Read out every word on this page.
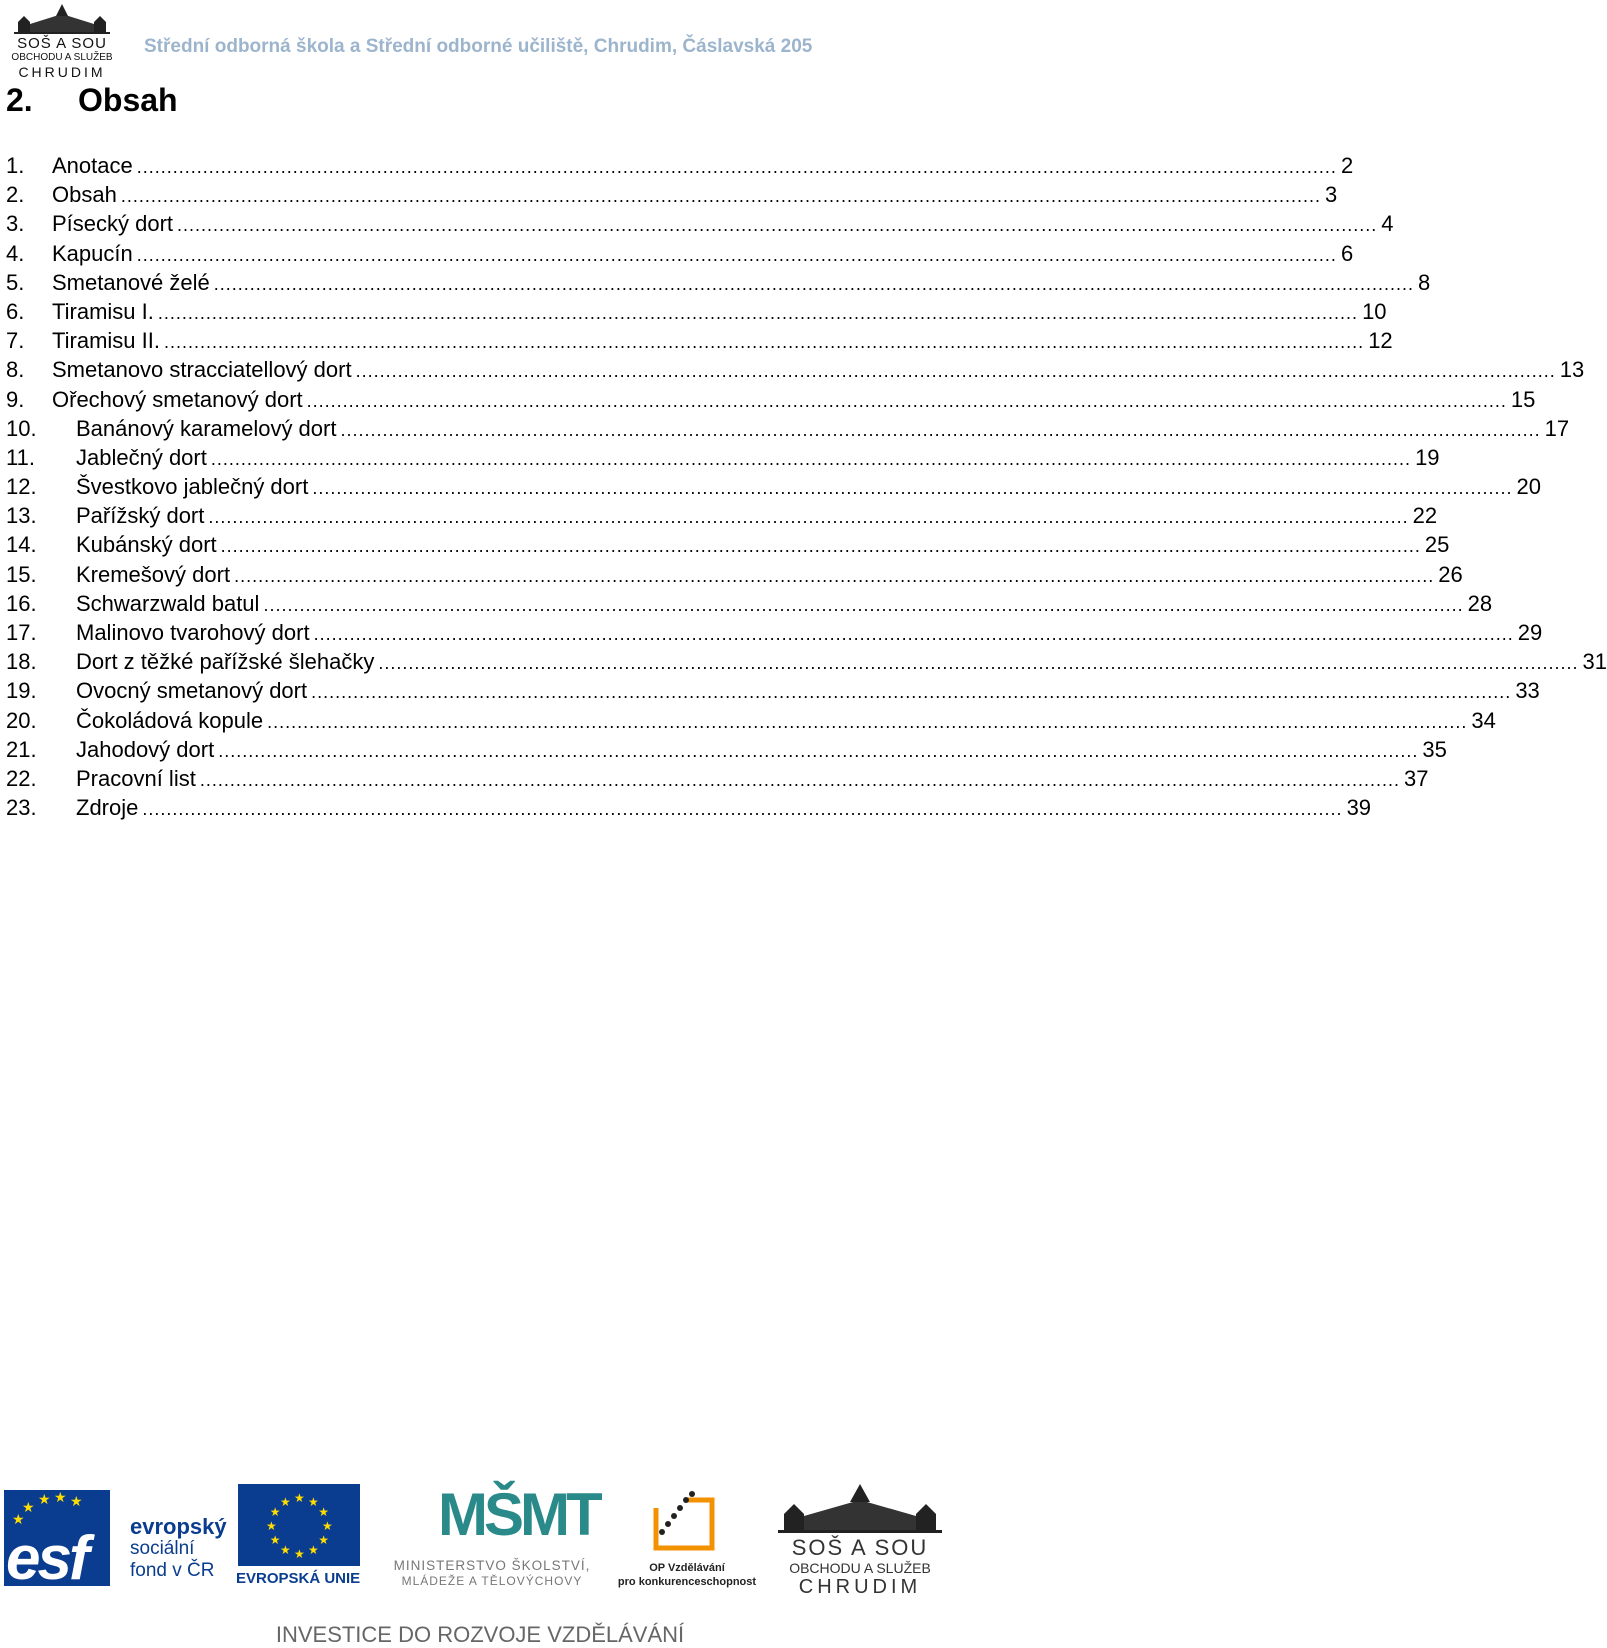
SOŠ A SOU
OBCHODU A SLUŽEB
CHRUDIM
Střední odborná škola a Střední odborné učiliště, Chrudim, Čáslavská 205
2. Obsah
1. Anotace ........................................................................................................................................................................................................ 2
2. Obsah ........................................................................................................................................................................................................ 3
3. Písecký dort ........................................................................................................................................................................................................ 4
4. Kapucín ........................................................................................................................................................................................................ 6
5. Smetanové želé ........................................................................................................................................................................................................ 8
6. Tiramisu I. ........................................................................................................................................................................................................ 10
7. Tiramisu II. ........................................................................................................................................................................................................ 12
8. Smetanovo stracciatellový dort ........................................................................................................................................................................................................ 13
9. Ořechový smetanový dort ........................................................................................................................................................................................................ 15
10. Banánový karamelový dort ........................................................................................................................................................................................................ 17
11. Jablečný dort ........................................................................................................................................................................................................ 19
12. Švestkovo jablečný dort ........................................................................................................................................................................................................ 20
13. Pařížský dort ........................................................................................................................................................................................................ 22
14. Kubánský dort ........................................................................................................................................................................................................ 25
15. Kremešový dort ........................................................................................................................................................................................................ 26
16. Schwarzwald batul ........................................................................................................................................................................................................ 28
17. Malinovo tvarohový dort ........................................................................................................................................................................................................ 29
18. Dort z těžké pařížské šlehačky ........................................................................................................................................................................................................ 31
19. Ovocný smetanový dort ........................................................................................................................................................................................................ 33
20. Čokoládová kopule ........................................................................................................................................................................................................ 34
21. Jahodový dort ........................................................................................................................................................................................................ 35
22. Pracovní list ........................................................................................................................................................................................................ 37
23. Zdroje ........................................................................................................................................................................................................ 39
★ ★ ★ ★
★
esf evropský
sociální
fond v ČR
★
★
★
★
★
★
★
★
★ ★ ★
★
EVROPSKÁ UNIE
MŠMT
MINISTERSTVO ŠKOLSTVÍ,
MLÁDEŽE A TĚLOVÝCHOVY
OP Vzdělávání
pro konkurenceschopnost
SOŠ A SOU
OBCHODU A SLUŽEB
CHRUDIM
INVESTICE DO ROZVOJE VZDĚLÁVÁNÍ
